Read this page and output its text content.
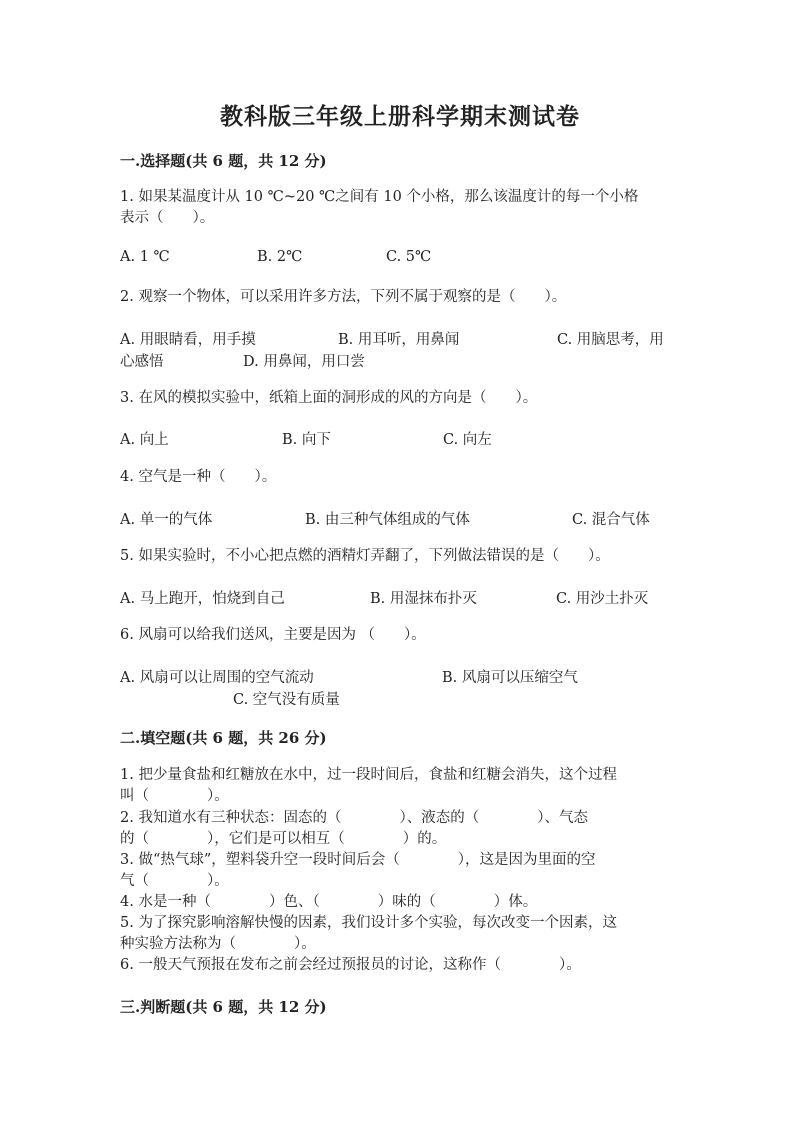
教科版三年级上册科学期末测试卷
一.选择题(共 6 题，共 12 分)
1. 如果某温度计从 10 ℃~20 ℃之间有 10 个小格，那么该温度计的每一个小格
表示（　　）。
A. 1 ℃	B. 2℃	C. 5℃
2. 观察一个物体，可以采用许多方法，下列不属于观察的是（　　）。
A. 用眼睛看，用手摸	B. 用耳听，用鼻闻	C. 用脑思考，用
心感悟	D. 用鼻闻，用口尝
3. 在风的模拟实验中，纸箱上面的洞形成的风的方向是（　　）。
A. 向上	B. 向下	C. 向左
4. 空气是一种（　　）。
A. 单一的气体	B. 由三种气体组成的气体	C. 混合气体
5. 如果实验时，不小心把点燃的酒精灯弄翻了，下列做法错误的是（　　）。
A. 马上跑开，怕烧到自己	B. 用湿抹布扑灭	C. 用沙土扑灭
6. 风扇可以给我们送风，主要是因为 （　　）。
A. 风扇可以让周围的空气流动	B. 风扇可以压缩空气
C. 空气没有质量
二.填空题(共 6 题，共 26 分)
1. 把少量食盐和红糖放在水中，过一段时间后，食盐和红糖会消失，这个过程
叫（　　　　）。
2. 我知道水有三种状态：固态的（　　　　）、液态的（　　　　）、气态
的（　　　　），它们是可以相互（　　　　）的。
3. 做“热气球”，塑料袋升空一段时间后会（　　　　），这是因为里面的空
气（　　　　）。
4. 水是一种（　　　　）色、（　　　　）味的（　　　　）体。
5. 为了探究影响溶解快慢的因素，我们设计多个实验，每次改变一个因素，这
种实验方法称为（　　　　）。
6. 一般天气预报在发布之前会经过预报员的讨论，这称作（　　　　）。
三.判断题(共 6 题，共 12 分)
